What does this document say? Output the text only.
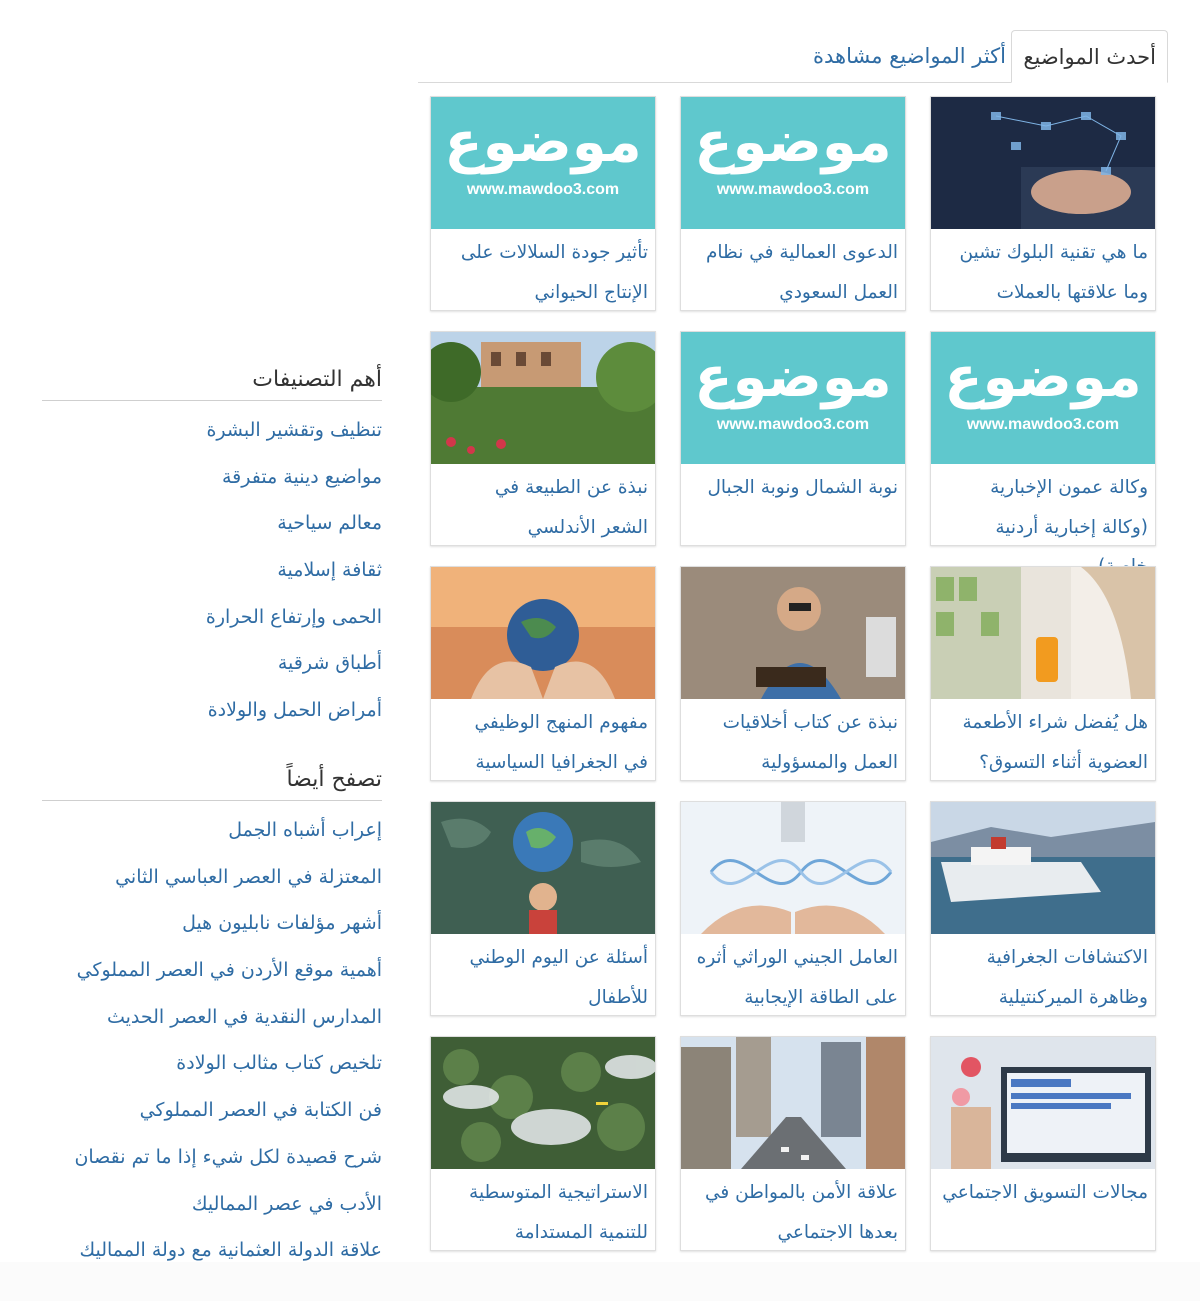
أحدث المواضيع
أكثر المواضيع مشاهدة
ما هي تقنية البلوك تشين
وما علاقتها بالعملات
موضوع
www.mawdoo3.com
الدعوى العمالية في نظام
العمل السعودي
موضوع
www.mawdoo3.com
تأثير جودة السلالات على
الإنتاج الحيواني
موضوع
www.mawdoo3.com
وكالة عمون الإخبارية
(وكالة إخبارية أردنية
موضوع
www.mawdoo3.com
نوبة الشمال ونوبة الجبال
نبذة عن الطبيعة في
الشعر الأندلسي
هل يُفضل شراء الأطعمة
العضوية أثناء التسوق؟
نبذة عن كتاب أخلاقيات
العمل والمسؤولية
مفهوم المنهج الوظيفي
في الجغرافيا السياسية
الاكتشافات الجغرافية
وظاهرة الميركنتيلية
العامل الجيني الوراثي أثره
على الطاقة الإيجابية
أسئلة عن اليوم الوطني
للأطفال
مجالات التسويق الاجتماعي
علاقة الأمن بالمواطن في
بعدها الاجتماعي
الاستراتيجية المتوسطية
للتنمية المستدامة
أهم التصنيفات
تنظيف وتقشير البشرة
مواضيع دينية متفرقة
معالم سياحية
ثقافة إسلامية
الحمى وإرتفاع الحرارة
أطباق شرقية
أمراض الحمل والولادة
تصفح أيضاً
إعراب أشباه الجمل
المعتزلة في العصر العباسي الثاني
أشهر مؤلفات نابليون هيل
أهمية موقع الأردن في العصر المملوكي
المدارس النقدية في العصر الحديث
تلخيص كتاب مثالب الولادة
فن الكتابة في العصر المملوكي
شرح قصيدة لكل شيء إذا ما تم نقصان
الأدب في عصر المماليك
علاقة الدولة العثمانية مع دولة المماليك
